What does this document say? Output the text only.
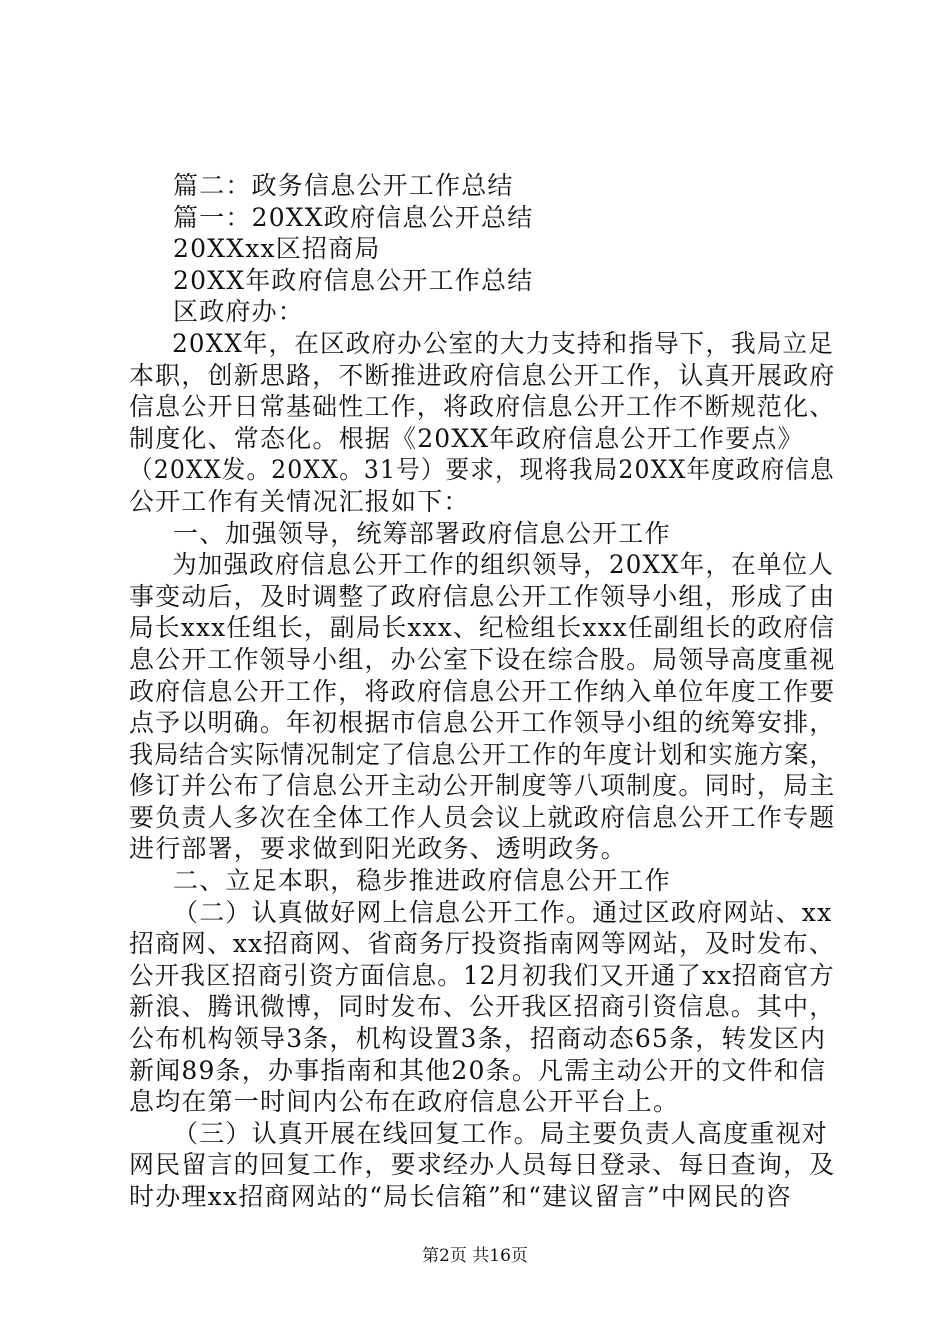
篇二：政务信息公开工作总结
篇一：20XX政府信息公开总结
20XXxx区招商局
20XX年政府信息公开工作总结
区政府办：
20XX年，在区政府办公室的大力支持和指导下，我局立足
本职，创新思路，不断推进政府信息公开工作，认真开展政府
信息公开日常基础性工作，将政府信息公开工作不断规范化、
制度化、常态化。根据《20XX年政府信息公开工作要点》
（20XX发。20XX。31号）要求，现将我局20XX年度政府信息
公开工作有关情况汇报如下：
一、加强领导，统筹部署政府信息公开工作
为加强政府信息公开工作的组织领导，20XX年，在单位人
事变动后，及时调整了政府信息公开工作领导小组，形成了由
局长xxx任组长，副局长xxx、纪检组长xxx任副组长的政府信
息公开工作领导小组，办公室下设在综合股。局领导高度重视
政府信息公开工作，将政府信息公开工作纳入单位年度工作要
点予以明确。年初根据市信息公开工作领导小组的统筹安排，
我局结合实际情况制定了信息公开工作的年度计划和实施方案，
修订并公布了信息公开主动公开制度等八项制度。同时，局主
要负责人多次在全体工作人员会议上就政府信息公开工作专题
进行部署，要求做到阳光政务、透明政务。
二、立足本职，稳步推进政府信息公开工作
（二）认真做好网上信息公开工作。通过区政府网站、xx
招商网、xx招商网、省商务厅投资指南网等网站，及时发布、
公开我区招商引资方面信息。12月初我们又开通了xx招商官方
新浪、腾讯微博，同时发布、公开我区招商引资信息。其中，
公布机构领导3条，机构设置3条，招商动态65条，转发区内
新闻89条，办事指南和其他20条。凡需主动公开的文件和信
息均在第一时间内公布在政府信息公开平台上。
（三）认真开展在线回复工作。局主要负责人高度重视对
网民留言的回复工作，要求经办人员每日登录、每日查询，及
时办理xx招商网站的“局长信箱”和“建议留言”中网民的咨
第2页 共16页
